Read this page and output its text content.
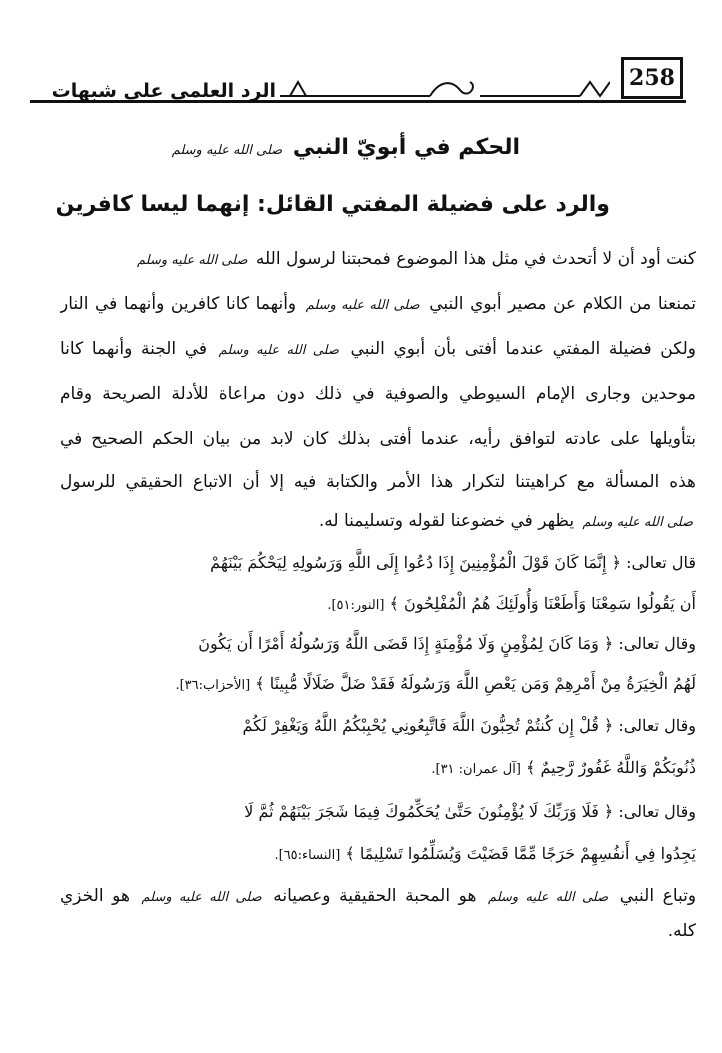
258
الرد العلمي على شبهات
الحكم في أبويّ النبي صلى الله عليه وسلم
والرد على فضيلة المفتي القائل: إنهما ليسا كافرين
كنت أود أن لا أتحدث في مثل هذا الموضوع فمحبتنا لرسول الله صلى الله عليه وسلم
تمنعنا من الكلام عن مصير أبوي النبي صلى الله عليه وسلم وأنهما كانا كافرين وأنهما في النار
ولكن فضيلة المفتي عندما أفتى بأن أبوي النبي صلى الله عليه وسلم في الجنة وأنهما كانا
موحدين وجارى الإمام السيوطي والصوفية في ذلك دون مراعاة للأدلة الصريحة وقام
بتأويلها على عادته لتوافق رأيه، عندما أفتى بذلك كان لابد من بيان الحكم الصحيح في
هذه المسألة مع كراهيتنا لتكرار هذا الأمر والكتابة فيه إلا أن الاتباع الحقيقي للرسول
صلى الله عليه وسلم يظهر في خضوعنا لقوله وتسليمنا له.
قال تعالى: ﴿ إِنَّمَا كَانَ قَوْلَ الْمُؤْمِنِينَ إِذَا دُعُوا إِلَى اللَّهِ وَرَسُولِهِ لِيَحْكُمَ بَيْنَهُمْ
أَن يَقُولُوا سَمِعْنَا وَأَطَعْنَا وَأُولَئِكَ هُمُ الْمُفْلِحُونَ ﴾ [النور:٥١].
وقال تعالى: ﴿ وَمَا كَانَ لِمُؤْمِنٍ وَلَا مُؤْمِنَةٍ إِذَا قَضَى اللَّهُ وَرَسُولُهُ أَمْرًا أَن يَكُونَ
لَهُمُ الْخِيَرَةُ مِنْ أَمْرِهِمْ وَمَن يَعْصِ اللَّهَ وَرَسُولَهُ فَقَدْ ضَلَّ ضَلَالًا مُّبِينًا ﴾ [الأحزاب:٣٦].
وقال تعالى: ﴿ قُلْ إِن كُنتُمْ تُحِبُّونَ اللَّهَ فَاتَّبِعُونِي يُحْبِبْكُمُ اللَّهُ وَيَغْفِرْ لَكُمْ
ذُنُوبَكُمْ وَاللَّهُ غَفُورٌ رَّحِيمٌ ﴾ [آل عمران: ٣١].
وقال تعالى: ﴿ فَلَا وَرَبِّكَ لَا يُؤْمِنُونَ حَتَّىٰ يُحَكِّمُوكَ فِيمَا شَجَرَ بَيْنَهُمْ ثُمَّ لَا
يَجِدُوا فِي أَنفُسِهِمْ حَرَجًا مِّمَّا قَضَيْتَ وَيُسَلِّمُوا تَسْلِيمًا ﴾ [النساء:٦٥].
وتباع النبي صلى الله عليه وسلم هو المحبة الحقيقية وعصيانه صلى الله عليه وسلم هو الخزي
كله.
